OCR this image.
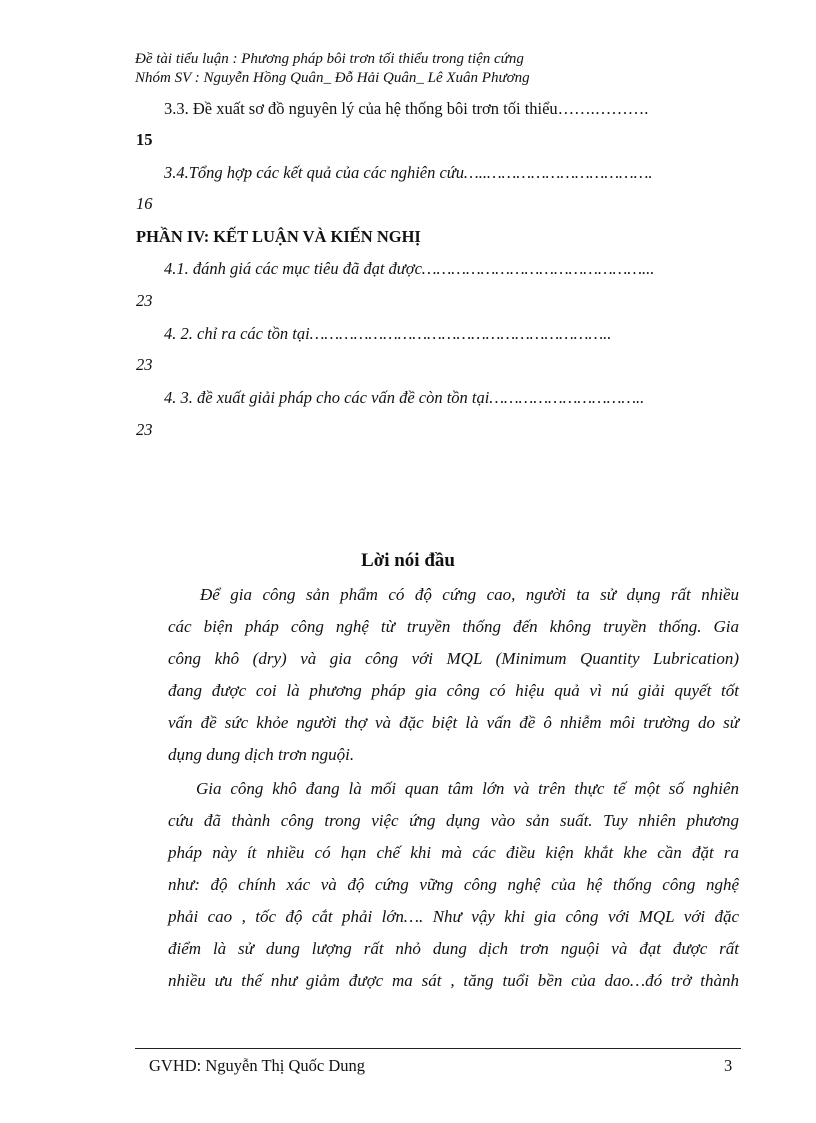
Đề tài tiểu luận : Phương pháp bôi trơn tối thiểu trong tiện cứng
Nhóm SV : Nguyễn Hồng Quân_ Đỗ Hải Quân_ Lê Xuân Phương
3.3. Đề xuất sơ đồ nguyên lý của hệ thống bôi trơn tối thiểu…….……….
15
3.4.Tổng hợp các kết quả của các nghiên cứu…..…………………………….
16
PHẦN IV: KẾT LUẬN VÀ KIẾN NGHỊ
4.1. đánh giá các mục tiêu đã đạt được………………………………………...
23
4. 2. chỉ ra các tồn tại……………………………………………………..
23
4. 3. đề xuất giải pháp cho các vấn đề còn tồn tại…………………………..
23
Lời nói đầu
Để gia công sản phẩm có độ cứng cao, người ta sử dụng rất nhiều
các biện pháp công nghệ từ truyền thống đến không truyền thống. Gia
công khô (dry) và gia công với MQL (Minimum Quantity Lubrication)
đang được coi là phương pháp gia công có hiệu quả vì nú giải quyết tốt
vấn đề sức khỏe người thợ và đặc biệt là vấn đề ô nhiễm môi trường do sử
dụng dung dịch trơn nguội.
Gia công khô đang là mối quan tâm lớn và trên thực tế một số nghiên
cứu đã thành công trong việc ứng dụng vào sản suất. Tuy nhiên phương
pháp này ít nhiều có hạn chế khi mà các điều kiện khắt khe cần đặt ra
như: độ chính xác và độ cứng vững công nghệ của hệ thống công nghệ
phải cao , tốc độ cắt phải lớn…. Như vậy khi gia công với MQL với đặc
điểm là sử dung lượng rất nhỏ dung dịch trơn nguội và đạt được rất
nhiều ưu thế như giảm được ma sát , tăng tuổi bền của dao…đó trở thành
GVHD: Nguyễn Thị Quốc Dung	3
